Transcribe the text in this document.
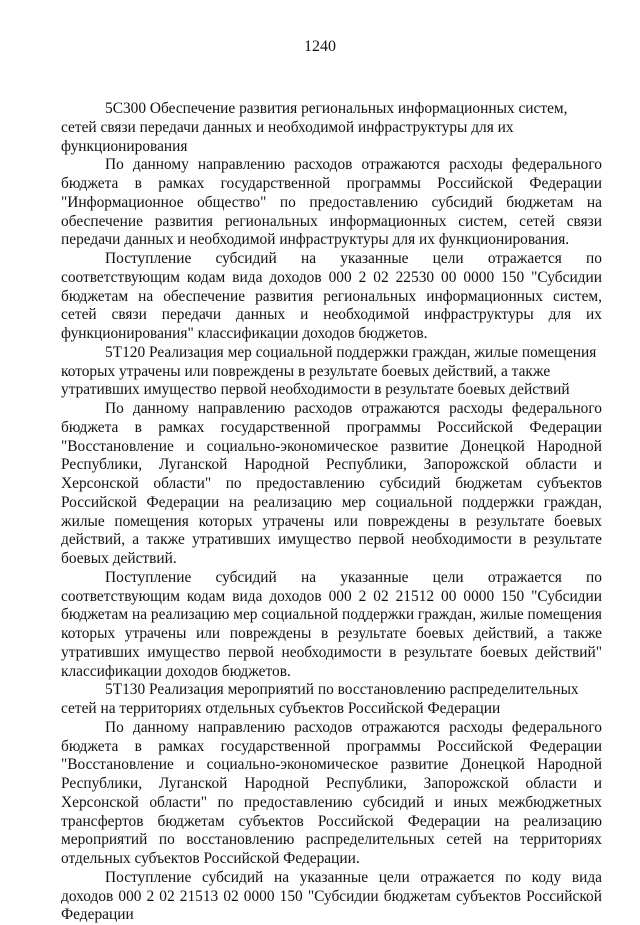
1240

5С300 Обеспечение развития региональных информационных систем, сетей связи передачи данных и необходимой инфраструктуры для их функционирования

По данному направлению расходов отражаются расходы федерального бюджета в рамках государственной программы Российской Федерации "Информационное общество" по предоставлению субсидий бюджетам на обеспечение развития региональных информационных систем, сетей связи передачи данных и необходимой инфраструктуры для их функционирования.

Поступление субсидий на указанные цели отражается по соответствующим кодам вида доходов 000 2 02 22530 00 0000 150 "Субсидии бюджетам на обеспечение развития региональных информационных систем, сетей связи передачи данных и необходимой инфраструктуры для их функционирования" классификации доходов бюджетов.

5Т120 Реализация мер социальной поддержки граждан, жилые помещения которых утрачены или повреждены в результате боевых действий, а также утративших имущество первой необходимости в результате боевых действий

По данному направлению расходов отражаются расходы федерального бюджета в рамках государственной программы Российской Федерации "Восстановление и социально-экономическое развитие Донецкой Народной Республики, Луганской Народной Республики, Запорожской области и Херсонской области" по предоставлению субсидий бюджетам субъектов Российской Федерации на реализацию мер социальной поддержки граждан, жилые помещения которых утрачены или повреждены в результате боевых действий, а также утративших имущество первой необходимости в результате боевых действий.

Поступление субсидий на указанные цели отражается по соответствующим кодам вида доходов 000 2 02 21512 00 0000 150 "Субсидии бюджетам на реализацию мер социальной поддержки граждан, жилые помещения которых утрачены или повреждены в результате боевых действий, а также утративших имущество первой необходимости в результате боевых действий" классификации доходов бюджетов.

5Т130 Реализация мероприятий по восстановлению распределительных сетей на территориях отдельных субъектов Российской Федерации

По данному направлению расходов отражаются расходы федерального бюджета в рамках государственной программы Российской Федерации "Восстановление и социально-экономическое развитие Донецкой Народной Республики, Луганской Народной Республики, Запорожской области и Херсонской области" по предоставлению субсидий и иных межбюджетных трансфертов бюджетам субъектов Российской Федерации на реализацию мероприятий по восстановлению распределительных сетей на территориях отдельных субъектов Российской Федерации.

Поступление субсидий на указанные цели отражается по коду вида доходов 000 2 02 21513 02 0000 150 "Субсидии бюджетам субъектов Российской Федерации
